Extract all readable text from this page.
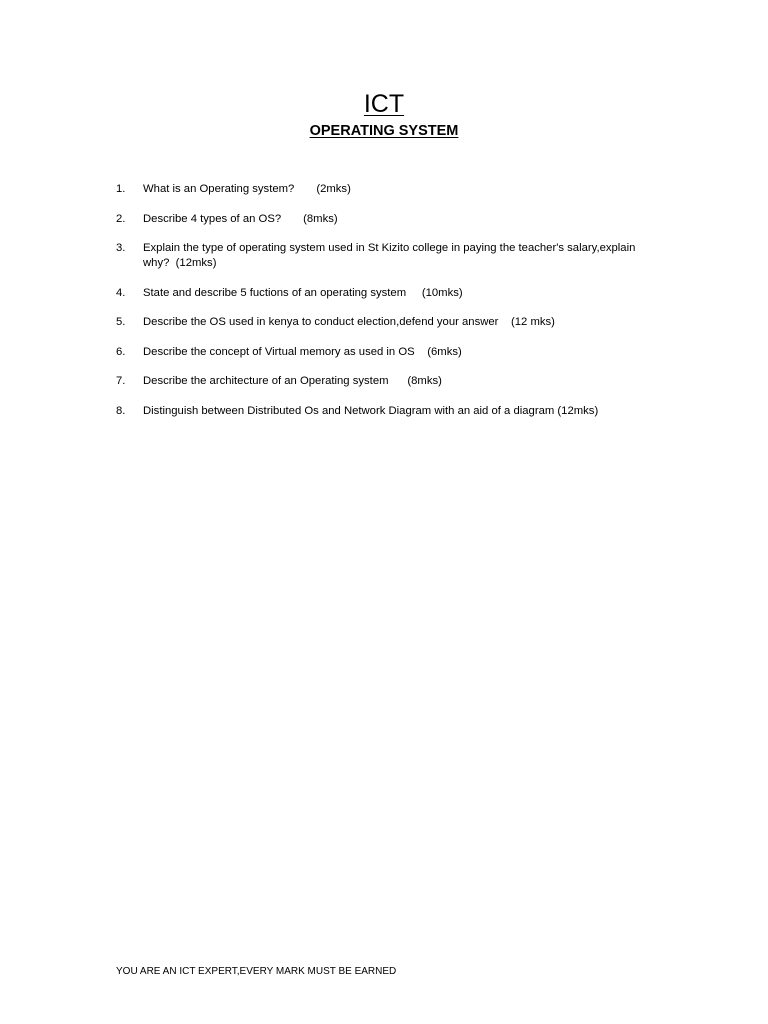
ICT
OPERATING SYSTEM
1. What is an Operating system? (2mks)
2. Describe 4 types of an OS? (8mks)
3. Explain the type of operating system used in St Kizito college in paying the teacher's salary,explain why? (12mks)
4. State and describe 5 fuctions of an operating system (10mks)
5. Describe the OS used in kenya to conduct election,defend your answer (12 mks)
6. Describe the concept of Virtual memory as used in OS (6mks)
7. Describe the architecture of an Operating system (8mks)
8. Distinguish between Distributed Os and Network Diagram with an aid of a diagram (12mks)
YOU ARE AN ICT EXPERT,EVERY MARK MUST BE EARNED
